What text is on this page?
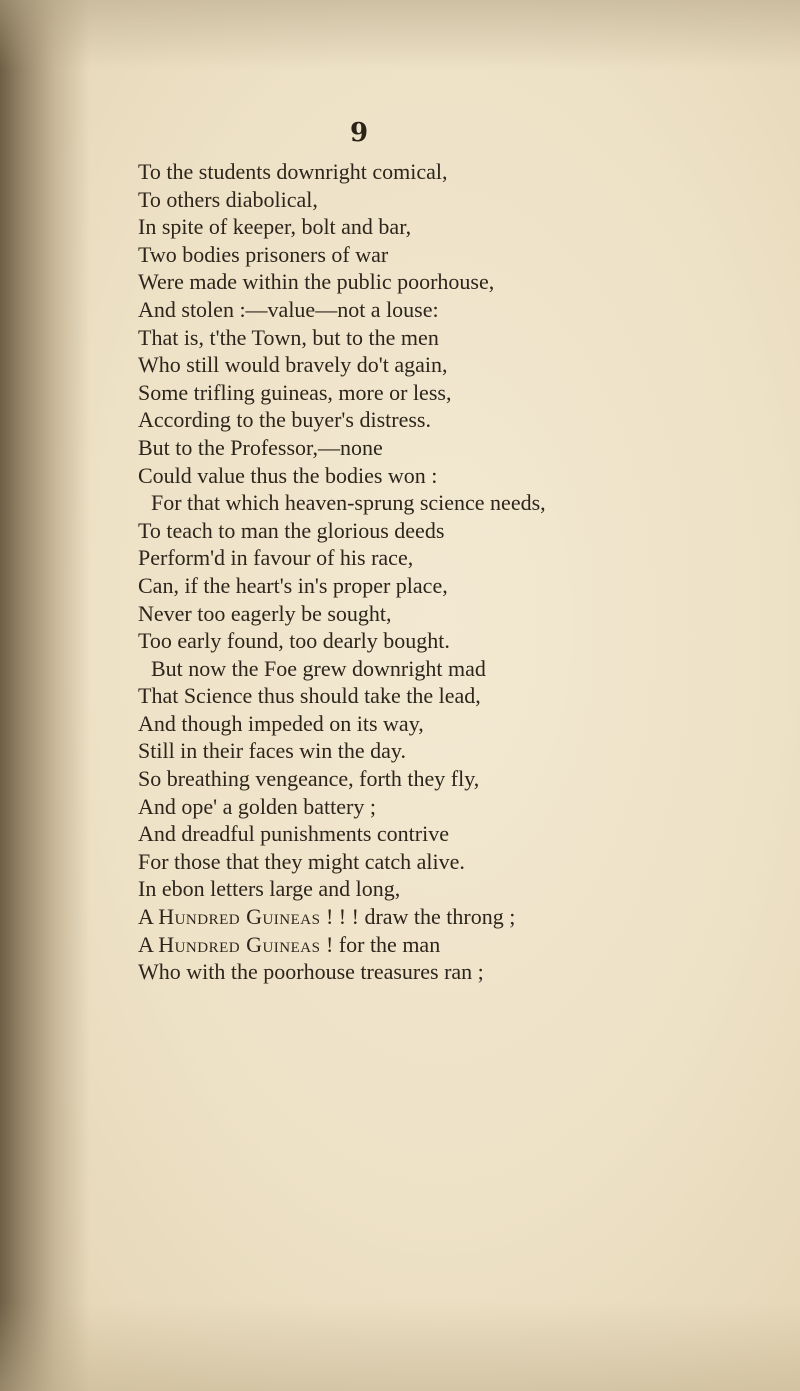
9
To the students downright comical,
To others diabolical,
In spite of keeper, bolt and bar,
Two bodies prisoners of war
Were made within the public poorhouse,
And stolen :—value—not a louse:
That is, t'the Town, but to the men
Who still would bravely do't again,
Some trifling guineas, more or less,
According to the buyer's distress.
But to the Professor,—none
Could value thus the bodies won :
For that which heaven-sprung science needs,
To teach to man the glorious deeds
Perform'd in favour of his race,
Can, if the heart's in's proper place,
Never too eagerly be sought,
Too early found, too dearly bought.
But now the Foe grew downright mad
That Science thus should take the lead,
And though impeded on its way,
Still in their faces win the day.
So breathing vengeance, forth they fly,
And ope' a golden battery ;
And dreadful punishments contrive
For those that they might catch alive.
In ebon letters large and long,
A Hundred Guineas ! ! ! draw the throng ;
A Hundred Guineas ! for the man
Who with the poorhouse treasures ran ;
